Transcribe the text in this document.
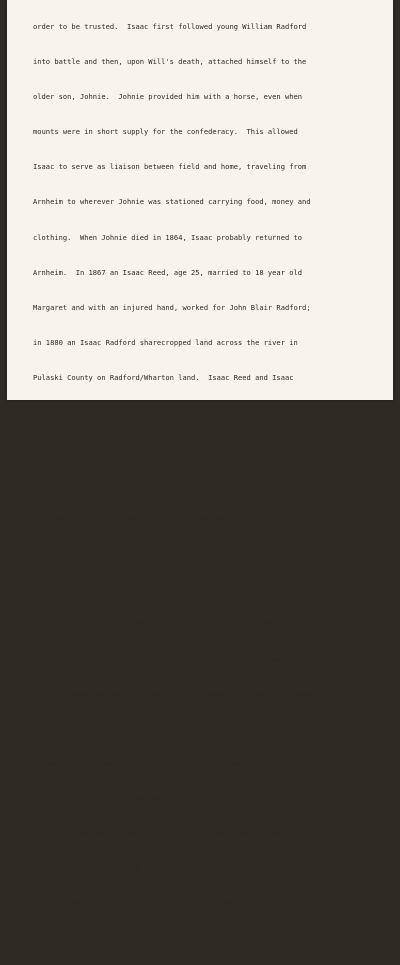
order to be trusted.  Isaac first followed young William Radford

into battle and then, upon Will's death, attached himself to the

older son, Johnie.  Johnie provided him with a horse, even when

mounts were in short supply for the confederacy.  This allowed

Isaac to serve as liaison between field and home, traveling from

Arnheim to wherever Johnie was stationed carrying food, money and

clothing.  When Johnie died in 1864, Isaac probably returned to

Arnheim.  In 1867 an Isaac Reed, age 25, married to 18 year old

Margaret and with an injured hand, worked for John Blair Radford;

in 1880 an Isaac Radford sharecropped land across the river in

Pulaski County on Radford/Wharton land.  Isaac Reed and Isaac

Radford may be the same person; one or both may also be the Isaac

so frequently mentioned in Johnie Radford's letters.   (Early

letters from Johnie -- perhaps while Isaac was still with Will --

reference 'Tim' as a manservant.  Nicolay papers.)

Thanks to records compiled shortly after the war by Charles S.

Schaeffer of the Freedmen's Bureau [add footnote], we know that,

prior to emancipation, William Childress owned the Lewis and Amanda

Phillips family.  He also housed Paris Lawrence, a 30 year old free

person of color whose wife Emiline Alexander Lawrence (and thus

their several children) was owned by William Taylor.   Joshua

Lawrence, presumably Paris's brother, was murdered in 1864.   A

partial listing of John B. Radford's slaves included: William and

Nancy Farmer (Palmer?) District (whose son Edmond would sire a

dynasty of Radfordians); John and Lucy Wade (whose son Anderson
